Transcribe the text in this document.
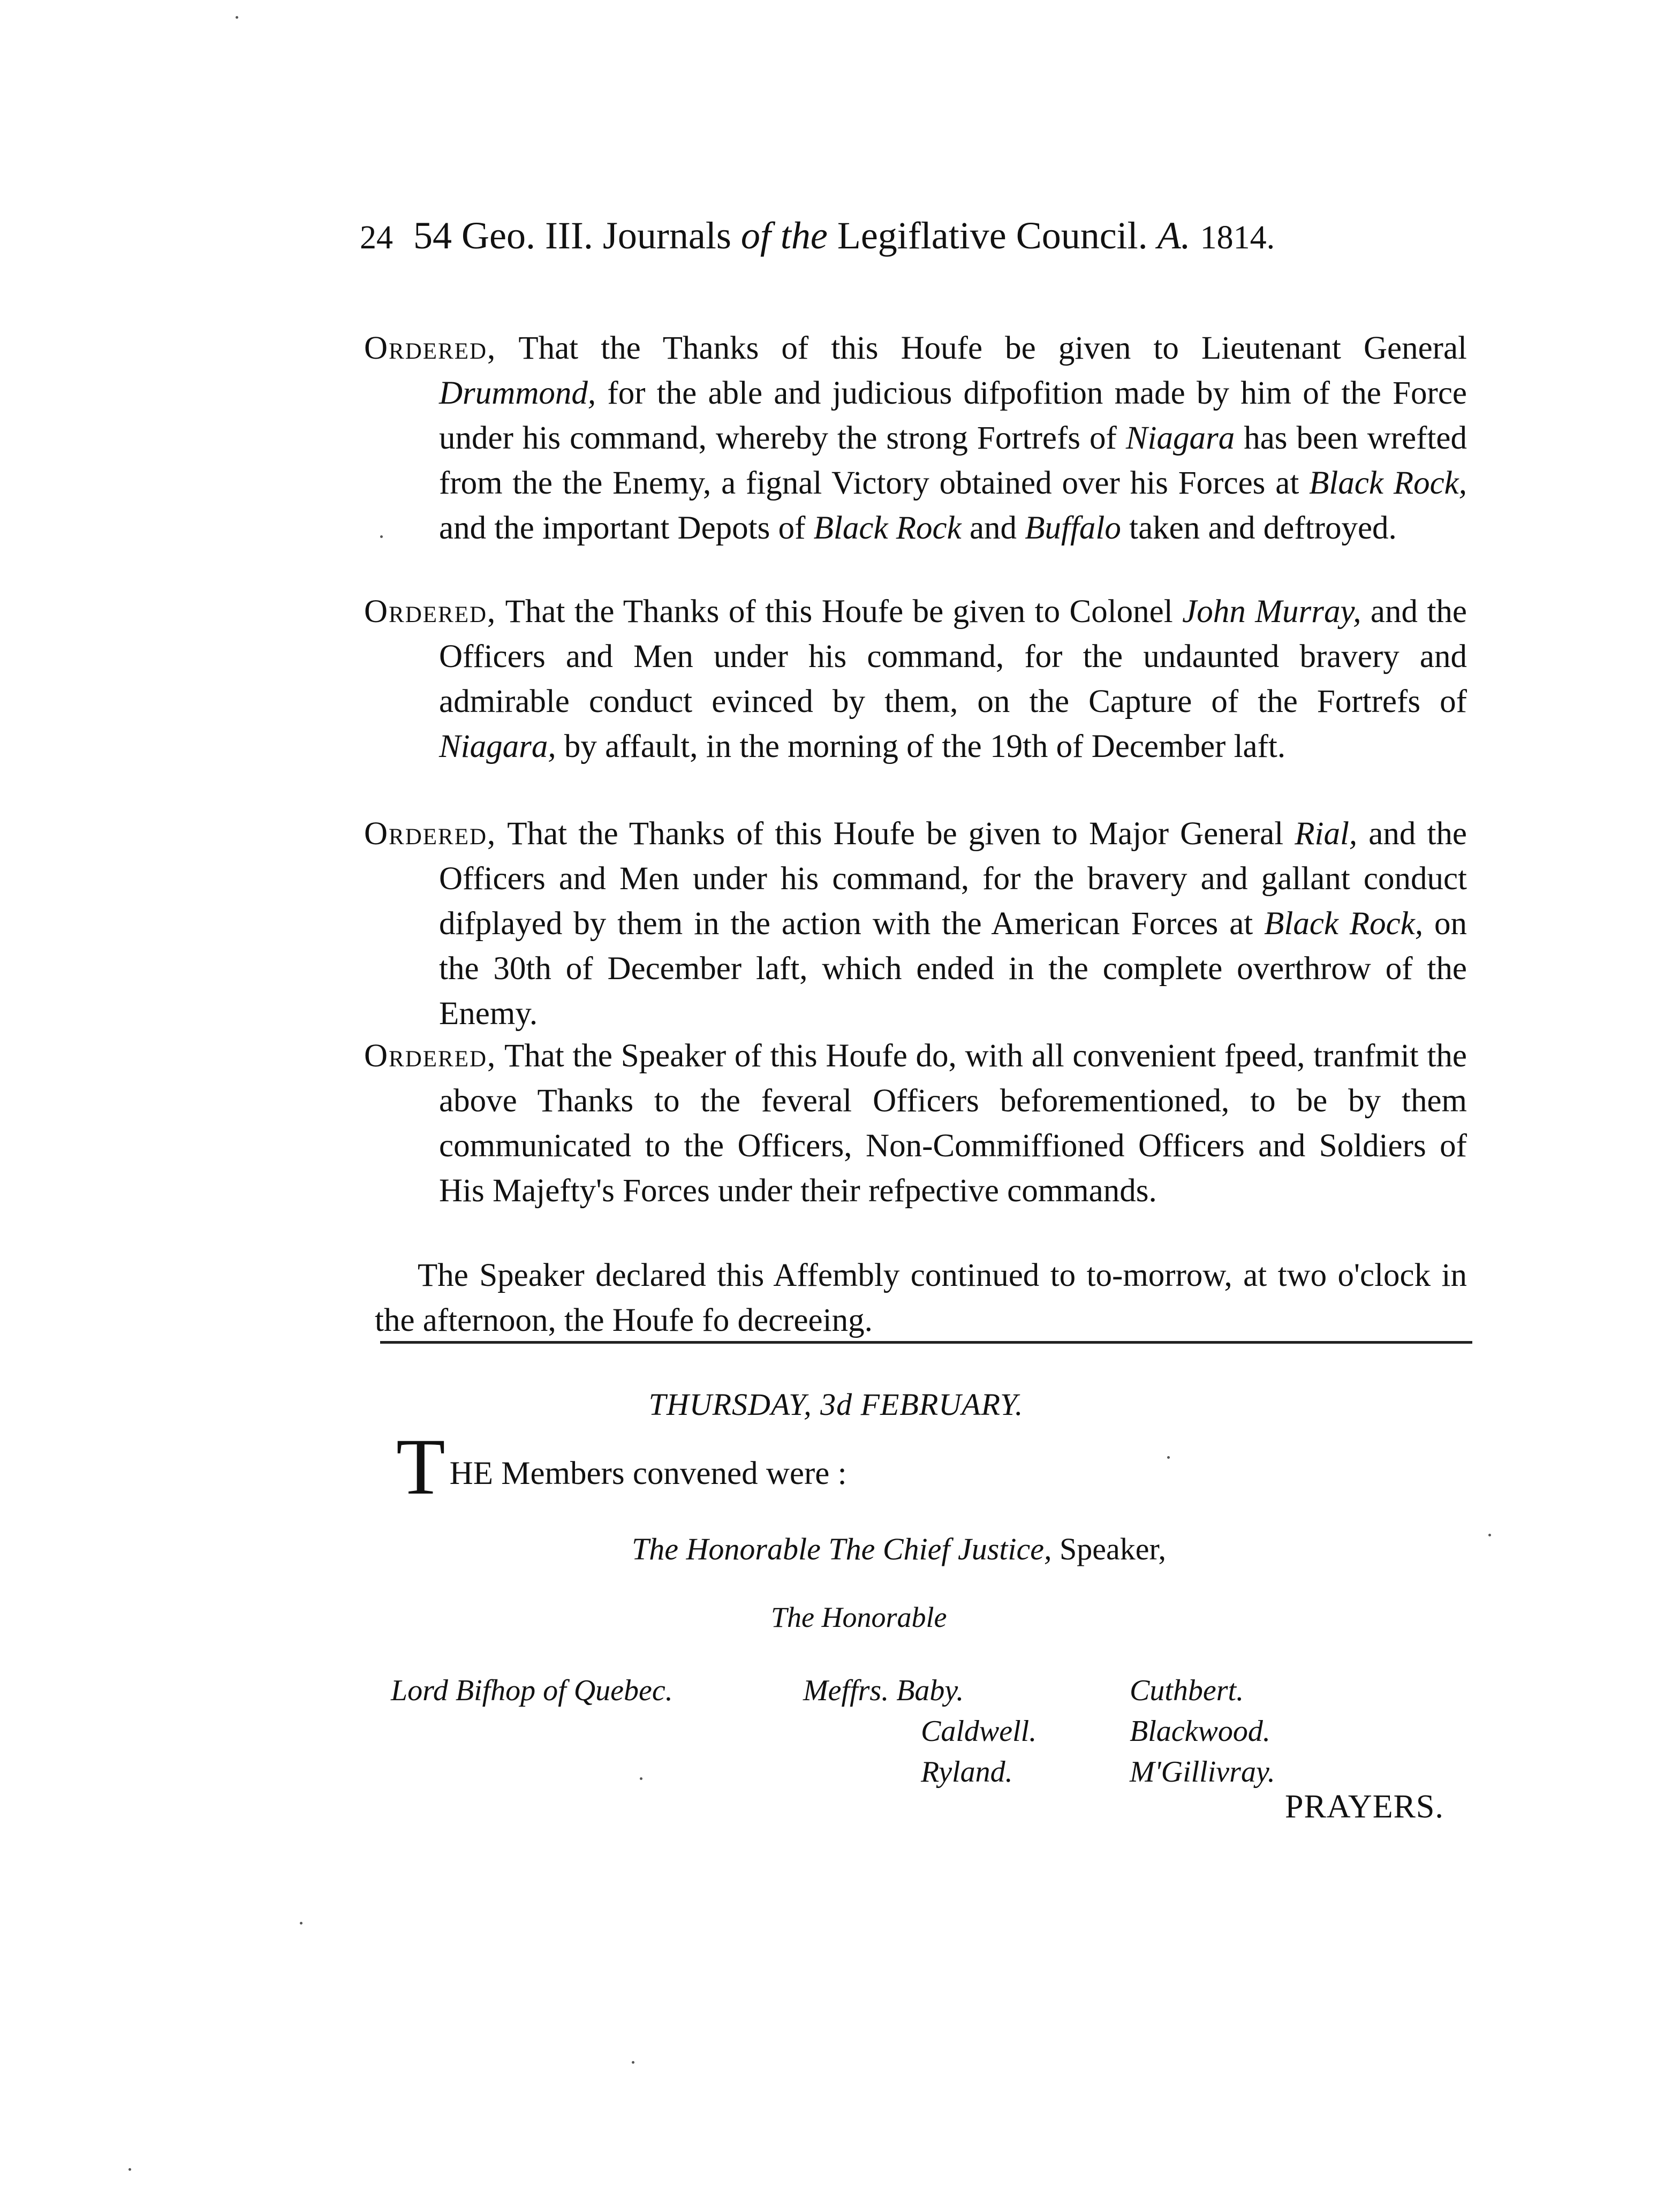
24 54 Geo. III. Journals of the Legiflative Council. A. 1814.

Ordered, That the Thanks of this Houfe be given to Lieutenant General Drummond, for the able and judicious difpofition made by him of the Force under his command, whereby the strong Fortrefs of Niagara has been wrefted from the the Enemy, a fignal Victory obtained over his Forces at Black Rock, and the important Depots of Black Rock and Buffalo taken and deftroyed.

Ordered, That the Thanks of this Houfe be given to Colonel John Murray, and the Officers and Men under his command, for the undaunted bravery and admirable conduct evinced by them, on the Capture of the Fortrefs of Niagara, by affault, in the morning of the 19th of December laft.

Ordered, That the Thanks of this Houfe be given to Major General Rial, and the Officers and Men under his command, for the bravery and gallant conduct difplayed by them in the action with the American Forces at Black Rock, on the 30th of December laft, which ended in the complete overthrow of the Enemy.

Ordered, That the Speaker of this Houfe do, with all convenient fpeed, tranfmit the above Thanks to the feveral Officers beforementioned, to be by them communicated to the Officers, Non-Commiffioned Officers and Soldiers of His Majefty's Forces under their refpective commands.

The Speaker declared this Affembly continued to to-morrow, at two o'clock in the afternoon, the Houfe fo decreeing.

THURSDAY, 3d FEBRUARY.
THE Members convened were :
The Honorable The Chief Justice, Speaker,
The Honorable
Lord Bifhop of Quebec.	Meffrs. Baby.
Caldwell.
Ryland.
Cuthbert.
Blackwood.
M'Gillivray.
PRAYERS.
